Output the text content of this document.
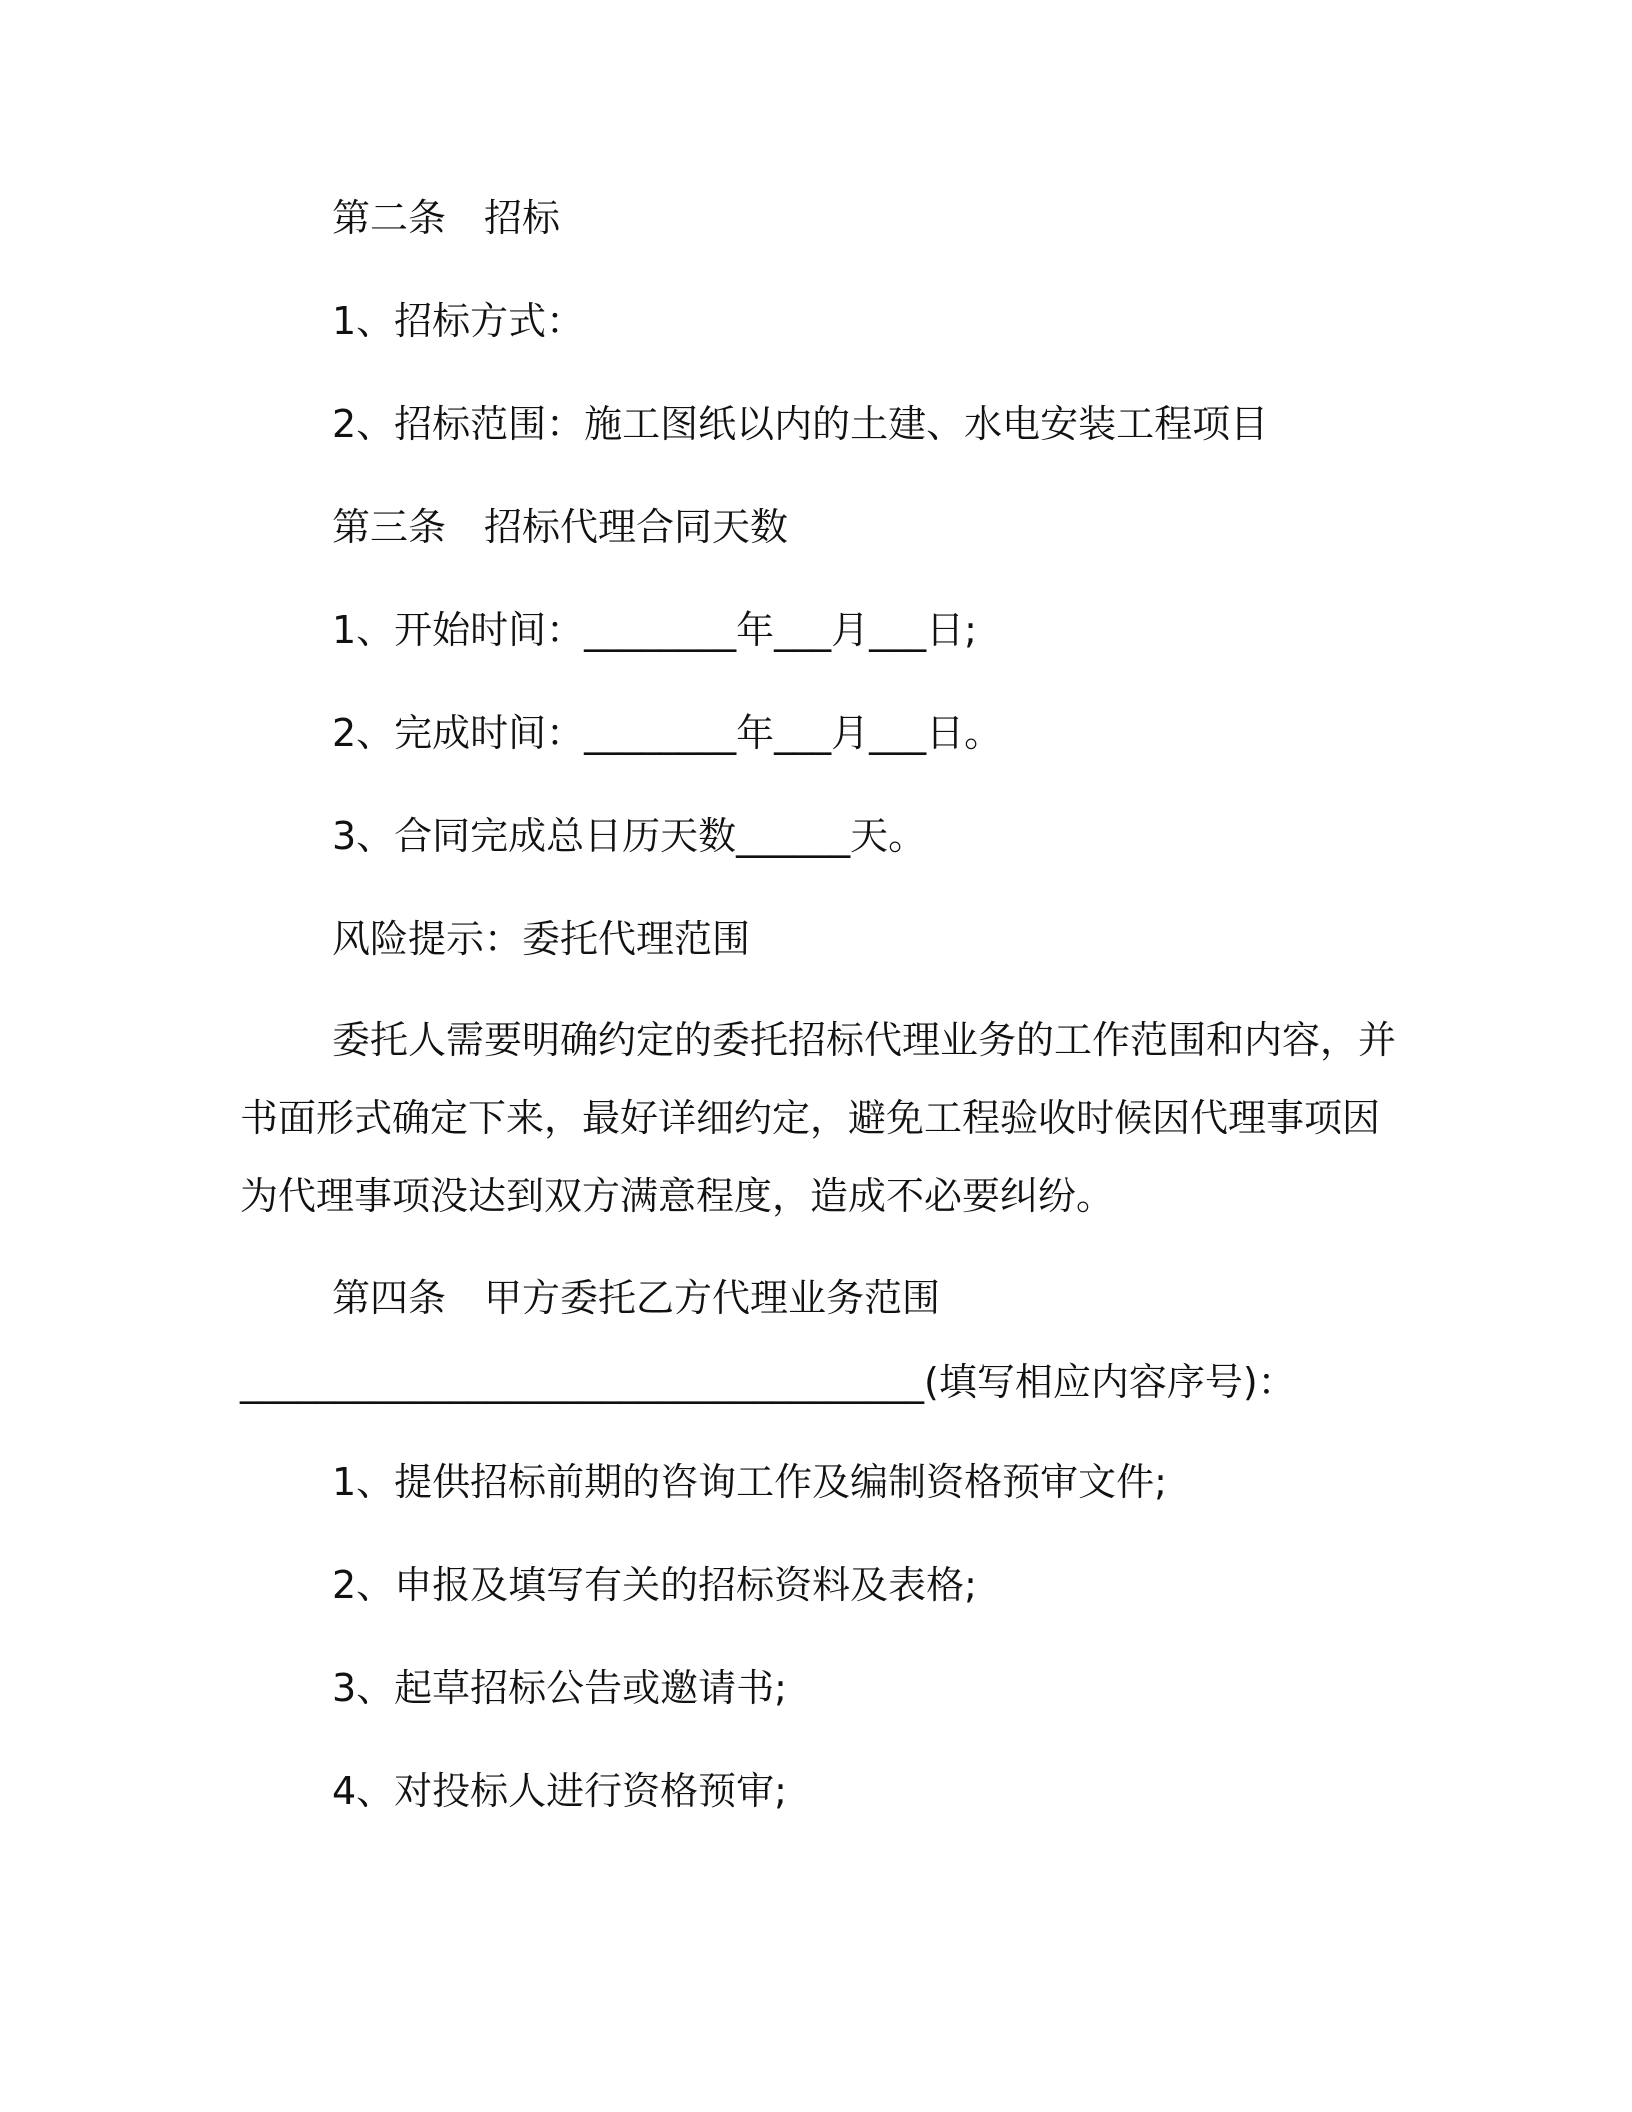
第二条　招标
1、招标方式：
2、招标范围：施工图纸以内的土建、水电安装工程项目
第三条　招标代理合同天数
1、开始时间：________年___月___日;
2、完成时间：________年___月___日。
3、合同完成总日历天数______天。
风险提示：委托代理范围
委托人需要明确约定的委托招标代理业务的工作范围和内容，并
书面形式确定下来，最好详细约定，避免工程验收时候因代理事项因
为代理事项没达到双方满意程度，造成不必要纠纷。
第四条　甲方委托乙方代理业务范围
____________________________________(填写相应内容序号)：
1、提供招标前期的咨询工作及编制资格预审文件;
2、申报及填写有关的招标资料及表格;
3、起草招标公告或邀请书;
4、对投标人进行资格预审;
